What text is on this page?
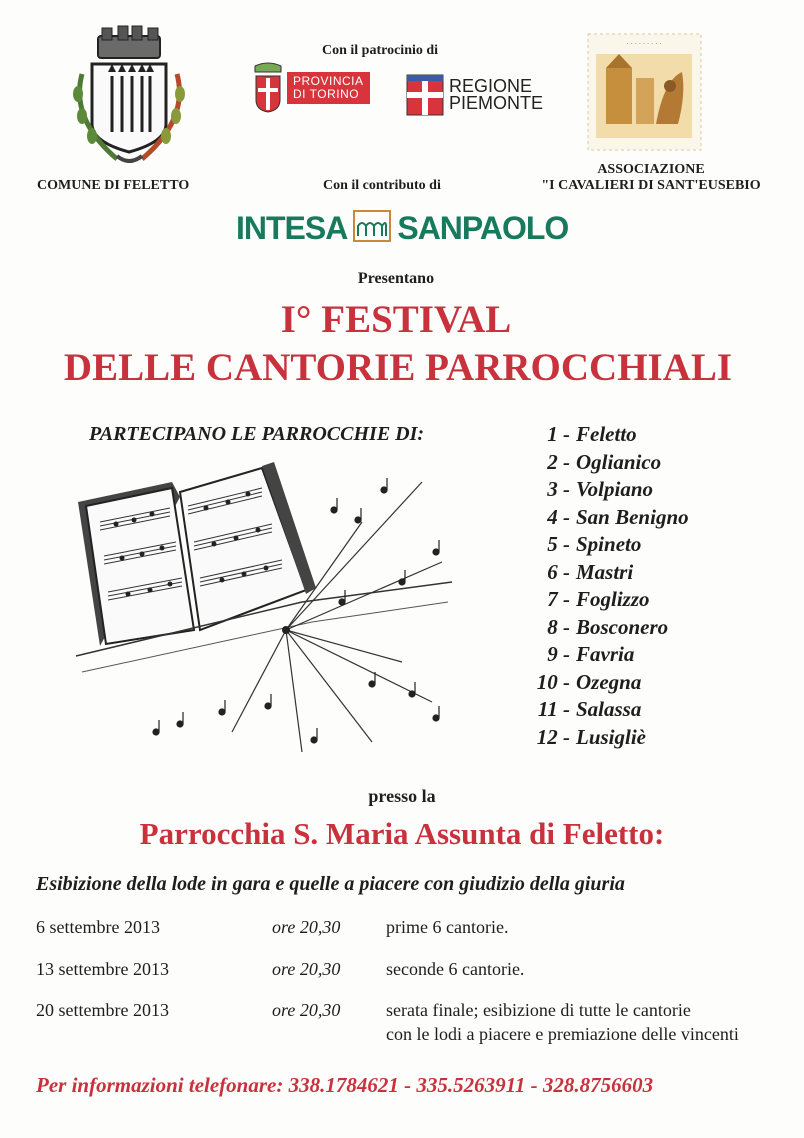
COMUNE DI FELETTO
Con il patrocinio di
PROVINCIA
DI TORINO	REGIONE
PIEMONTE
Con il contributo di
· · · · · · · · ·
ASSOCIAZIONE
"I CAVALIERI DI SANT'EUSEBIO
INTESA SANPAOLO
Presentano
I° FESTIVAL
DELLE CANTORIE PARROCCHIALI
PARTECIPANO LE PARROCCHIE DI:	1 - Feletto
2 - Oglianico
3 - Volpiano
4 - San Benigno
5 - Spineto
6 - Mastri
7 - Foglizzo
8 - Bosconero
9 - Favria
10 - Ozegna
11 - Salassa
12 - Lusigliè
presso la
Parrocchia S. Maria Assunta di Feletto:
Esibizione della lode in gara e quelle a piacere con giudizio della giuria
6 settembre 2013	ore 20,30	prime 6 cantorie.
13 settembre 2013	ore 20,30	seconde 6 cantorie.
20 settembre 2013	ore 20,30	serata finale; esibizione di tutte le cantorie
con le lodi a piacere e premiazione delle vincenti
Per informazioni telefonare: 338.1784621 - 335.5263911 - 328.8756603
